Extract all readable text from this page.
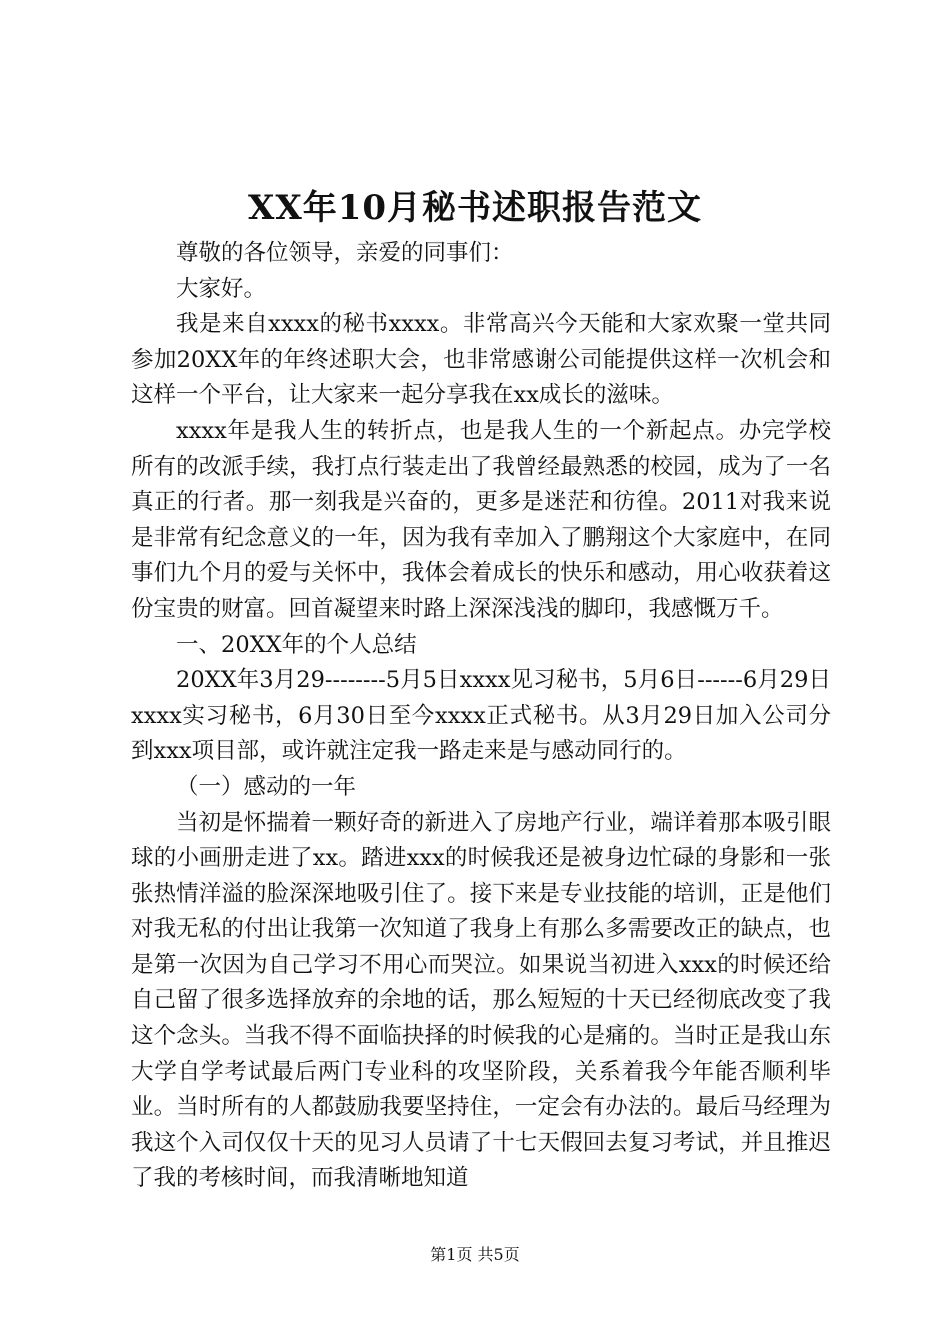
XX年10月秘书述职报告范文

尊敬的各位领导，亲爱的同事们：

大家好。

我是来自xxxx的秘书xxxx。非常高兴今天能和大家欢聚一堂共同参加20XX年的年终述职大会，也非常感谢公司能提供这样一次机会和这样一个平台，让大家来一起分享我在xx成长的滋味。

xxxx年是我人生的转折点，也是我人生的一个新起点。办完学校所有的改派手续，我打点行装走出了我曾经最熟悉的校园，成为了一名真正的行者。那一刻我是兴奋的，更多是迷茫和彷徨。2011对我来说是非常有纪念意义的一年，因为我有幸加入了鹏翔这个大家庭中，在同事们九个月的爱与关怀中，我体会着成长的快乐和感动，用心收获着这份宝贵的财富。回首凝望来时路上深深浅浅的脚印，我感慨万千。

一、20XX年的个人总结

20XX年3月29--------5月5日xxxx见习秘书，5月6日------6月29日xxxx实习秘书，6月30日至今xxxx正式秘书。从3月29日加入公司分到xxx项目部，或许就注定我一路走来是与感动同行的。

（一）感动的一年

当初是怀揣着一颗好奇的新进入了房地产行业，端详着那本吸引眼球的小画册走进了xx。踏进xxx的时候我还是被身边忙碌的身影和一张张热情洋溢的脸深深地吸引住了。接下来是专业技能的培训，正是他们对我无私的付出让我第一次知道了我身上有那么多需要改正的缺点，也是第一次因为自己学习不用心而哭泣。如果说当初进入xxx的时候还给自己留了很多选择放弃的余地的话，那么短短的十天已经彻底改变了我这个念头。当我不得不面临抉择的时候我的心是痛的。当时正是我山东大学自学考试最后两门专业科的攻坚阶段，关系着我今年能否顺利毕业。当时所有的人都鼓励我要坚持住，一定会有办法的。最后马经理为我这个入司仅仅十天的见习人员请了十七天假回去复习考试，并且推迟了我的考核时间，而我清晰地知道

第1页 共5页
